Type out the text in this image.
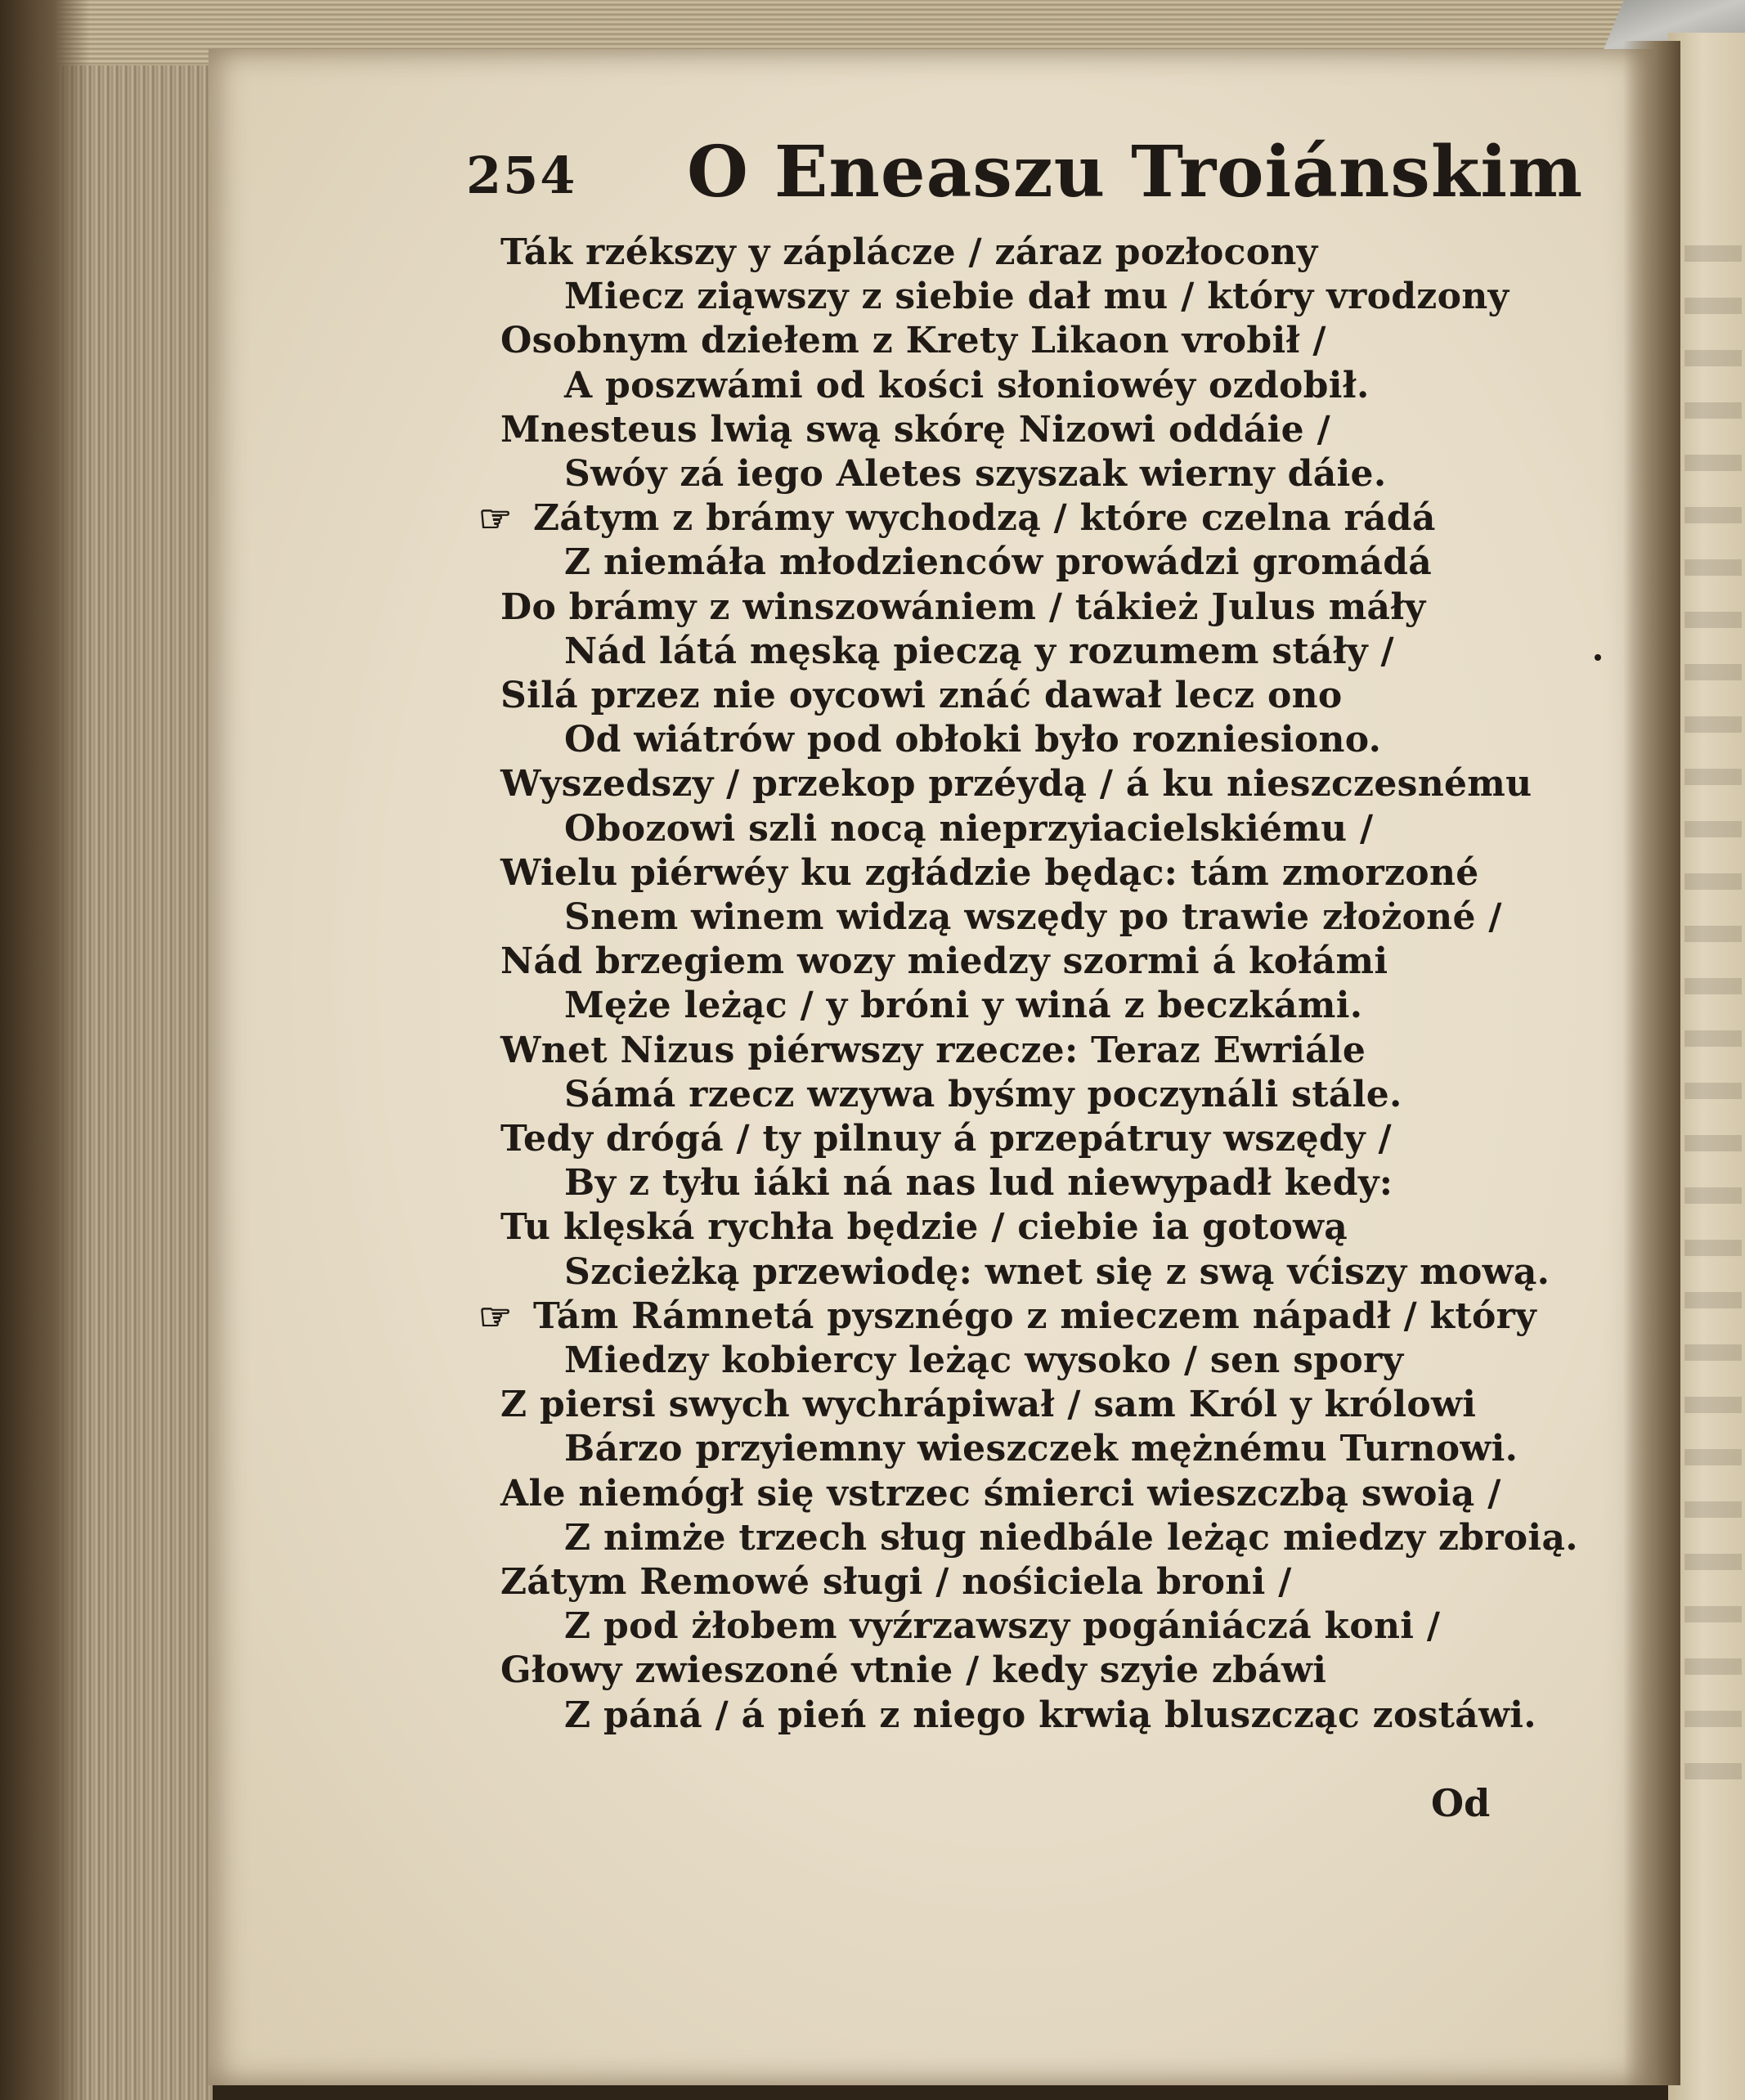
254 O Eneaszu Troiánskim
Ták rzékszy y záplácze / záraz pozłocony
Miecz ziąwszy z siebie dał mu / który vrodzony
Osobnym dziełem z Krety Likaon vrobił /
A poszwámi od kości słoniowéy ozdobił.
Mnesteus lwią swą skórę Nizowi oddáie /
Swóy zá iego Aletes szyszak wierny dáie.
Zátym z brámy wychodzą / które czelna rádá
☞
Z niemáła młodzienców prowádzi gromádá
Do brámy z winszowániem / tákież Julus máły
Nád látá męską pieczą y rozumem stáły /
Silá przez nie oycowi znáć dawał lecz ono
Od wiátrów pod obłoki było rozniesiono.
Wyszedszy / przekop przéydą / á ku nieszczesnému
Obozowi szli nocą nieprzyiacielskiému /
Wielu piérwéy ku zgłádzie będąc: tám zmorzoné
Snem winem widzą wszędy po trawie złożoné /
Nád brzegiem wozy miedzy szormi á kołámi
Męże leżąc / y bróni y winá z beczkámi.
Wnet Nizus piérwszy rzecze: Teraz Ewriále
Sámá rzecz wzywa byśmy poczynáli stále.
Tedy drógá / ty pilnuy á przepátruy wszędy /
By z tyłu iáki ná nas lud niewypadł kedy:
Tu klęská rychła będzie / ciebie ia gotową
Szcieżką przewiodę: wnet się z swą vćiszy mową.
Tám Rámnetá pysznégo z mieczem nápadł / który
☞
Miedzy kobiercy leżąc wysoko / sen spory
Z piersi swych wychrápiwał / sam Król y królowi
Bárzo przyiemny wieszczek mężnému Turnowi.
Ale niemógł się vstrzec śmierci wieszczbą swoią /
Z nimże trzech sług niedbále leżąc miedzy zbroią.
Zátym Remowé sługi / nośiciela broni /
Z pod żłobem vyźrzawszy pogániáczá koni /
Głowy zwieszoné vtnie / kedy szyie zbáwi
Z páná / á pień z niego krwią bluszcząc zostáwi.
Od
